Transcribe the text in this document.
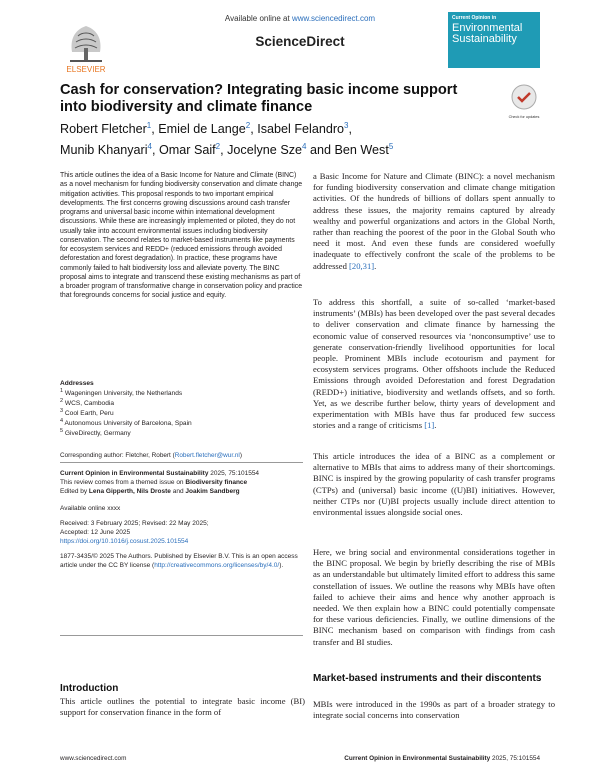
ELSEVIER
Available online at www.sciencedirect.com
ScienceDirect
Current Opinion in
Environmental
Sustainability
Cash for conservation? Integrating basic income support into biodiversity and climate finance
Check for updates
Robert Fletcher$^1$, Emiel de Lange$^2$, Isabel Felandro$^3$,
Munib Khanyari$^4$, Omar Saif$^2$, Jocelyne Sze$^4$ and Ben West$^5$
This article outlines the idea of a Basic Income for Nature and Climate (BINC) as a novel mechanism for funding biodiversity conservation and climate change mitigation activities. This proposal responds to two important empirical developments. The first concerns growing discussions around cash transfer programs and universal basic income within international development discussions. While these are increasingly implemented or piloted, they do not usually take into account environmental issues including biodiversity conservation. The second relates to market-based instruments like payments for ecosystem services and REDD+ (reduced emissions through avoided deforestation and forest degradation). In practice, these programs have commonly failed to halt biodiversity loss and alleviate poverty. The BINC proposal aims to integrate and transcend these existing mechanisms as part of a broader program of transformative change in conservation policy and practice that foregrounds concerns for social justice and equity.
Addresses
$^1$ Wageningen University, the Netherlands
$^2$ WCS, Cambodia
$^3$ Cool Earth, Peru
$^4$ Autonomous University of Barcelona, Spain
$^5$ GiveDirectly, Germany
Corresponding author: Fletcher, Robert (Robert.fletcher@wur.nl)

Current Opinion in Environmental Sustainability 2025, 75:101554

This review comes from a themed issue on Biodiversity finance

Edited by Lena Gipperth, Nils Droste and Joakim Sandberg

Available online xxxx

Received: 3 February 2025; Revised: 22 May 2025;

Accepted: 12 June 2025

https://doi.org/10.1016/j.cosust.2025.101554

1877-3435/© 2025 The Authors. Published by Elsevier B.V. This is an open access article under the CC BY license (http://creativecommons.org/licenses/by/4.0/).

Introduction
This article outlines the potential to integrate basic income (BI) support for conservation finance in the form of
a Basic Income for Nature and Climate (BINC): a novel mechanism for funding biodiversity conservation and climate change mitigation activities. Of the hundreds of billions of dollars spent annually to address these issues, the majority remains captured by already wealthy and powerful organizations and actors in the Global North, rather than reaching the poorest of the poor in the Global South who need it most. And even these funds are considered woefully inadequate to effectively confront the scale of the problems to be addressed [20,31].
To address this shortfall, a suite of so-called ‘market-based instruments’ (MBIs) has been developed over the past several decades to deliver conservation and climate finance by harnessing the economic value of conserved resources via ‘nonconsumptive’ use to generate conservation-friendly livelihood opportunities for local people. Prominent MBIs include ecotourism and payment for ecosystem services programs. Other offshoots include the Reduced Emissions through avoided Deforestation and forest Degradation (REDD+) initiative, biodiversity and wetlands offsets, and so forth. Yet, as we describe further below, thirty years of development and experimentation with MBIs have thus far produced few success stories and a range of criticisms [1].
This article introduces the idea of a BINC as a complement or alternative to MBIs that aims to address many of their shortcomings. BINC is inspired by the growing popularity of cash transfer programs (CTPs) and (universal) basic income ((U)BI) initiatives. However, neither CTPs nor (U)BI projects usually include direct attention to environmental issues alongside social ones.
Here, we bring social and environmental considerations together in the BINC proposal. We begin by briefly describing the rise of MBIs as an understandable but ultimately limited effort to address this same constellation of issues. We outline the reasons why MBIs have often failed to achieve their aims and hence why another approach is needed. We then explain how a BINC could potentially compensate for these various deficiencies. Finally, we outline dimensions of the BINC mechanism based on comparison with findings from cash transfer and BI studies.
Market-based instruments and their discontents
MBIs were introduced in the 1990s as part of a broader strategy to integrate social concerns into conservation
www.sciencedirect.com	Current Opinion in Environmental Sustainability 2025, 75:101554
